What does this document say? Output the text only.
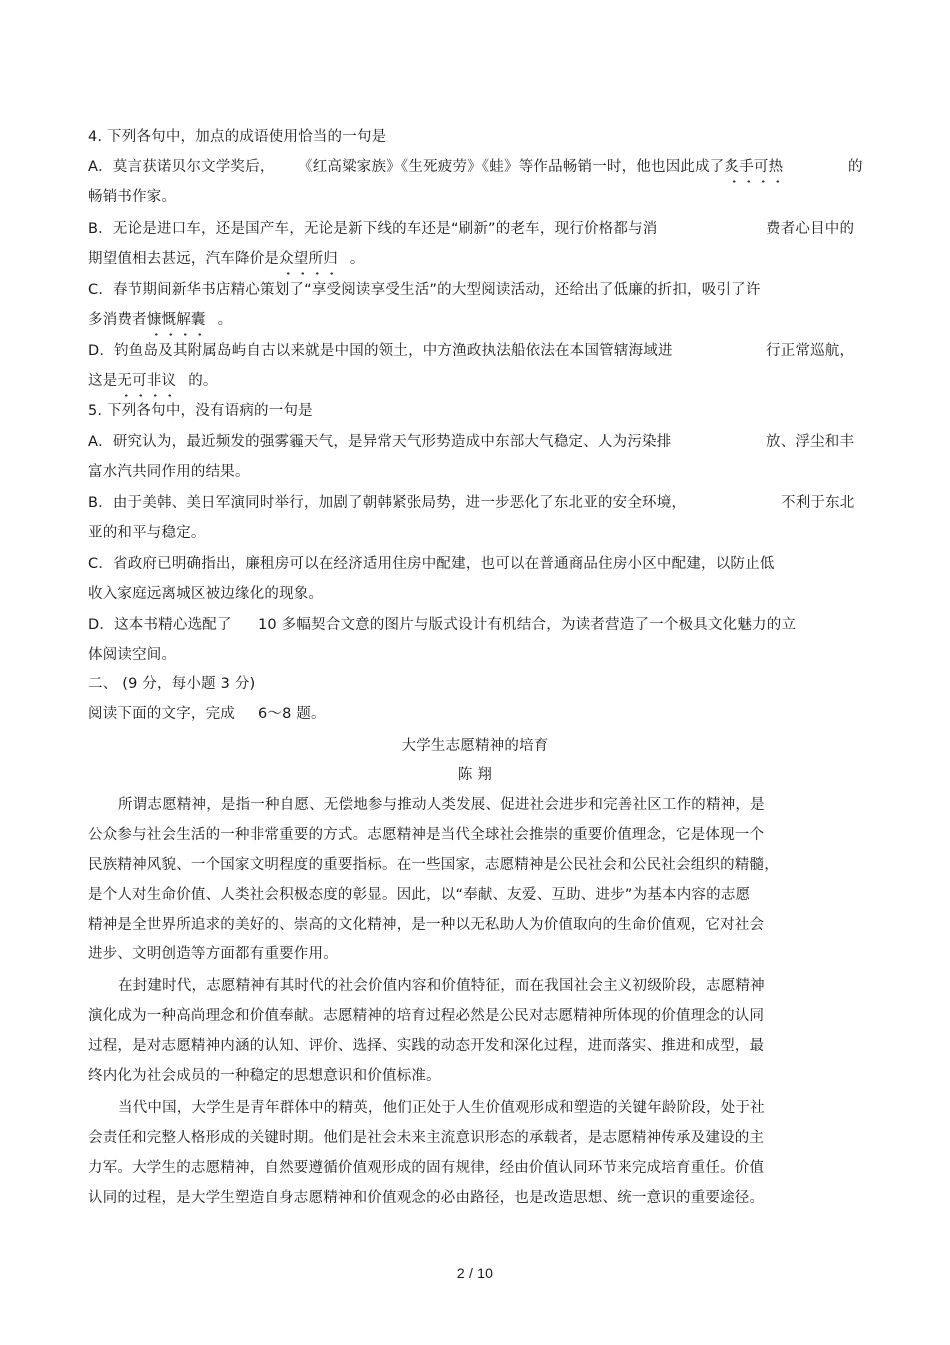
4. 下列各句中，加点的成语使用恰当的一句是
A．莫言获诺贝尔文学奖后， 《红高粱家族》《生死疲劳》《蛙》等作品畅销一时，他也因此成了炙手可热	的
畅销书作家。
B．无论是进口车，还是国产车，无论是新下线的车还是“刷新”的老车，现行价格都与消	费者心目中的
期望值相去甚远，汽车降价是众望所归 。
C．春节期间新华书店精心策划了“享受阅读享受生活”的大型阅读活动，还给出了低廉的折扣，吸引了许
多消费者慷慨解囊 。
D．钓鱼岛及其附属岛屿自古以来就是中国的领土，中方渔政执法船依法在本国管辖海域进	行正常巡航，
这是无可非议 的。
5. 下列各句中，没有语病的一句是
A．研究认为，最近频发的强雾霾天气，是异常天气形势造成中东部大气稳定、人为污染排	放、浮尘和丰
富水汽共同作用的结果。
B．由于美韩、美日军演同时举行，加剧了朝韩紧张局势，进一步恶化了东北亚的安全环境，	不利于东北
亚的和平与稳定。
C．省政府已明确指出，廉租房可以在经济适用住房中配建，也可以在普通商品住房小区中配建，以防止低
收入家庭远离城区被边缘化的现象。
D．这本书精心选配了 10 多幅契合文意的图片与版式设计有机结合，为读者营造了一个极具文化魅力的立
体阅读空间。
二、 (9 分，每小题 3 分)
阅读下面的文字，完成 6～8 题。
大学生志愿精神的培育
陈 翔
所谓志愿精神，是指一种自愿、无偿地参与推动人类发展、促进社会进步和完善社区工作的精神，是
公众参与社会生活的一种非常重要的方式。志愿精神是当代全球社会推崇的重要价值理念，它是体现一个
民族精神风貌、一个国家文明程度的重要指标。在一些国家，志愿精神是公民社会和公民社会组织的精髓，
是个人对生命价值、人类社会积极态度的彰显。因此，以“奉献、友爱、互助、进步”为基本内容的志愿
精神是全世界所追求的美好的、崇高的文化精神，是一种以无私助人为价值取向的生命价值观，它对社会
进步、文明创造等方面都有重要作用。
在封建时代，志愿精神有其时代的社会价值内容和价值特征，而在我国社会主义初级阶段，志愿精神
演化成为一种高尚理念和价值奉献。志愿精神的培育过程必然是公民对志愿精神所体现的价值理念的认同
过程，是对志愿精神内涵的认知、评价、选择、实践的动态开发和深化过程，进而落实、推进和成型，最
终内化为社会成员的一种稳定的思想意识和价值标准。
当代中国，大学生是青年群体中的精英，他们正处于人生价值观形成和塑造的关键年龄阶段，处于社
会责任和完整人格形成的关键时期。他们是社会未来主流意识形态的承载者，是志愿精神传承及建设的主
力军。大学生的志愿精神，自然要遵循价值观形成的固有规律，经由价值认同环节来完成培育重任。价值
认同的过程，是大学生塑造自身志愿精神和价值观念的必由路径，也是改造思想、统一意识的重要途径。
2 / 10
